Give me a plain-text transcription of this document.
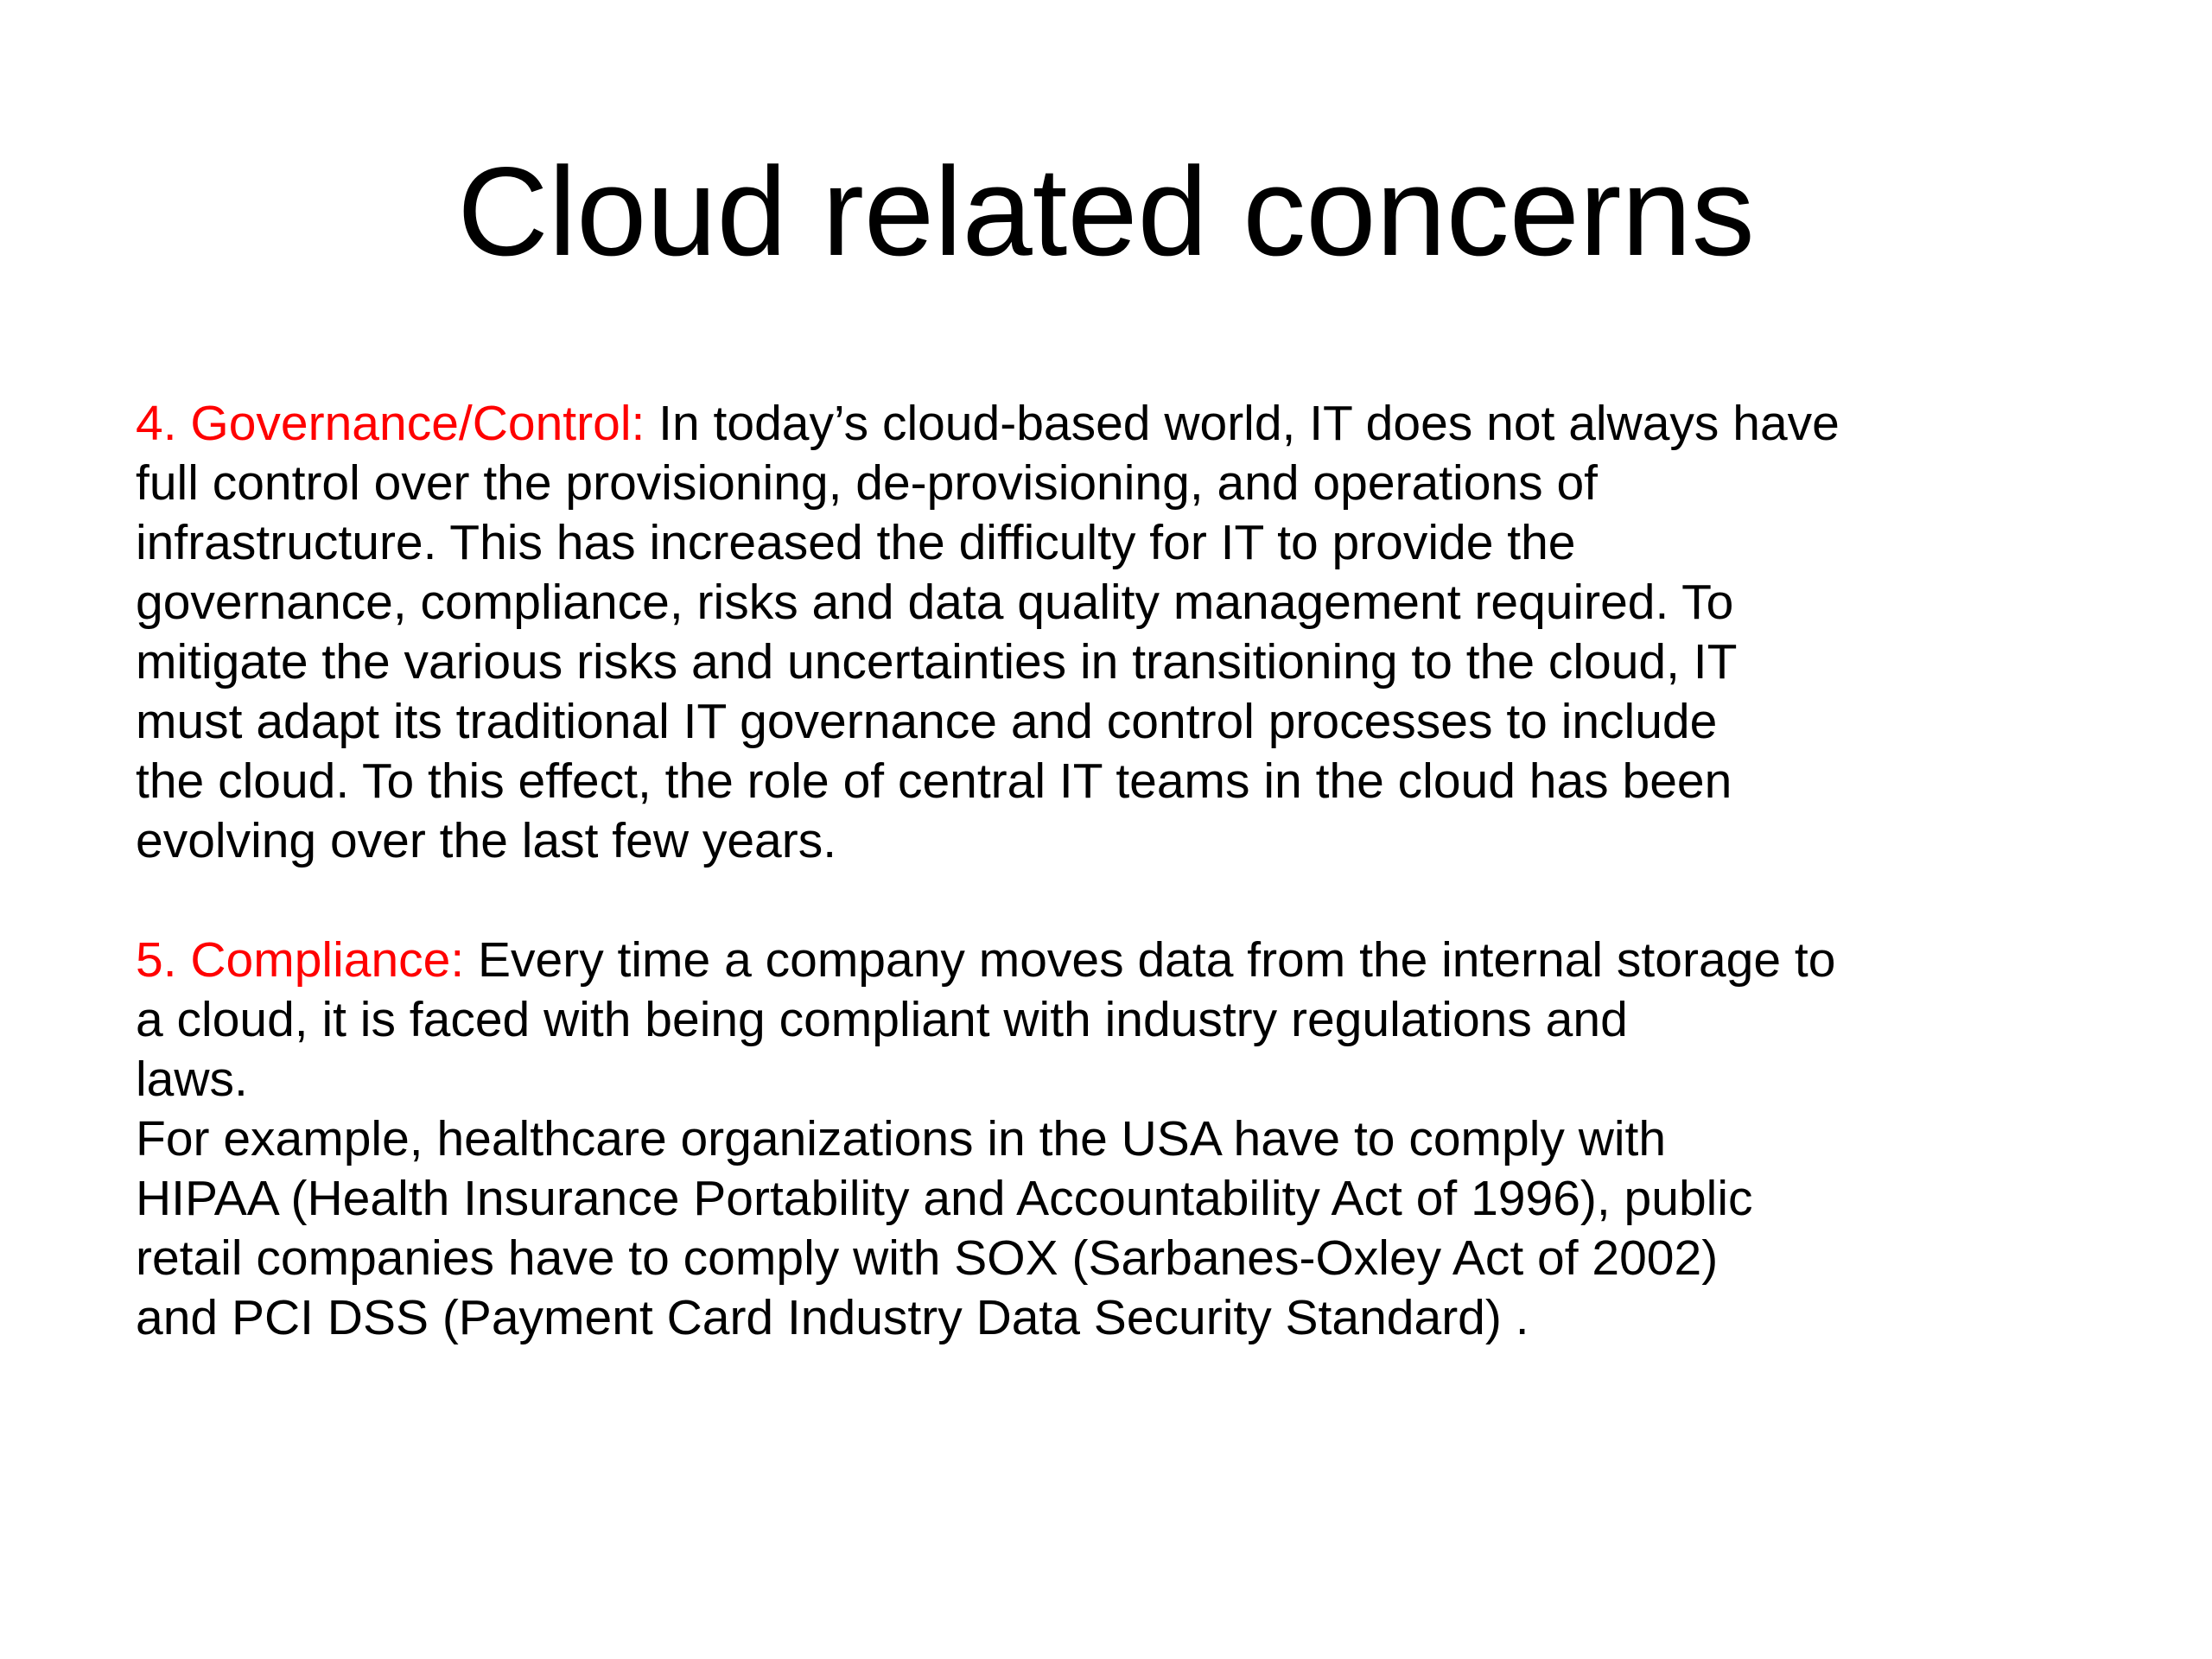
Cloud related concerns

4. Governance/Control: In today’s cloud-based world, IT does not always have
full control over the provisioning, de-provisioning, and operations of
infrastructure. This has increased the difficulty for IT to provide the
governance, compliance, risks and data quality management required. To
mitigate the various risks and uncertainties in transitioning to the cloud, IT
must adapt its traditional IT governance and control processes to include
the cloud. To this effect, the role of central IT teams in the cloud has been
evolving over the last few years.

5. Compliance: Every time a company moves data from the internal storage to
a cloud, it is faced with being compliant with industry regulations and
laws.
For example, healthcare organizations in the USA have to comply with
HIPAA (Health Insurance Portability and Accountability Act of 1996), public
retail companies have to comply with SOX (Sarbanes-Oxley Act of 2002)
and PCI DSS (Payment Card Industry Data Security Standard) .
